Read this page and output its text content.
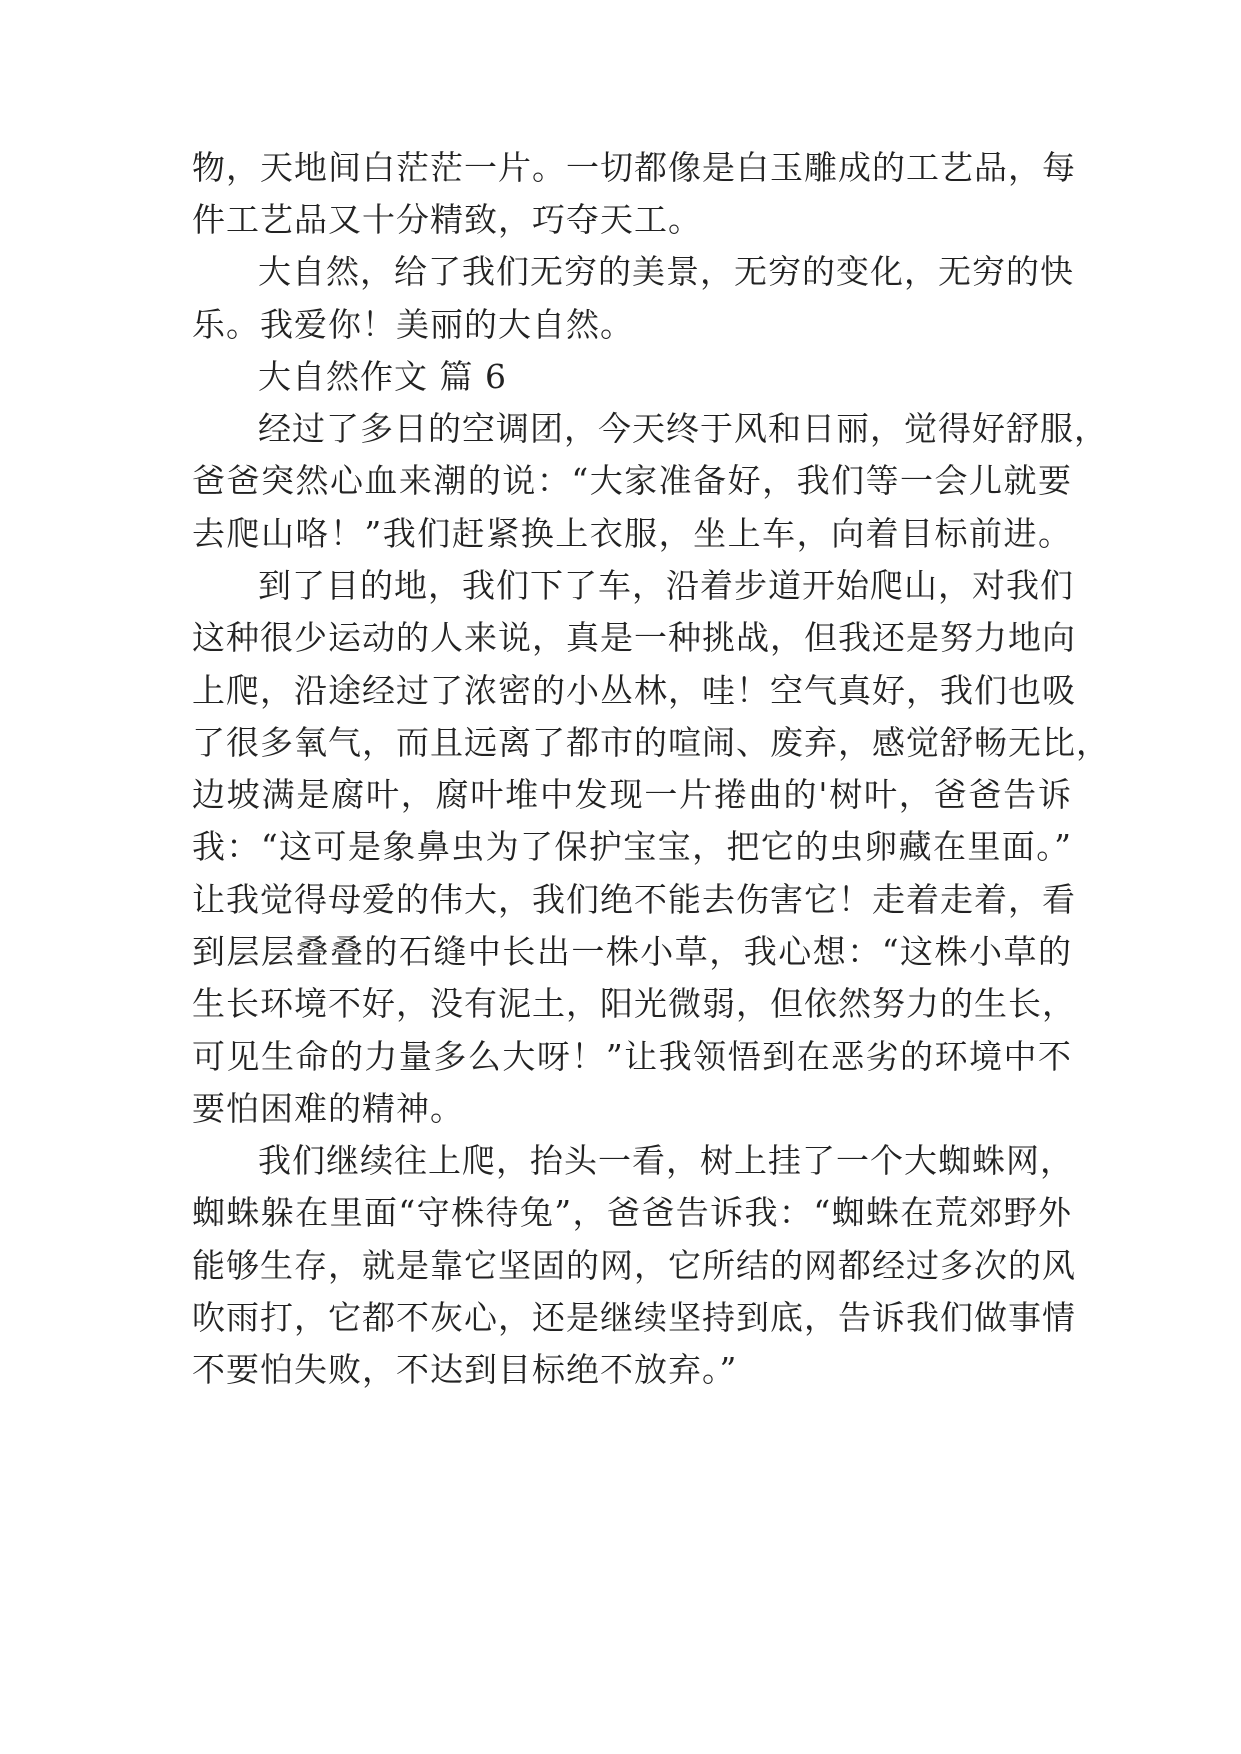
物，天地间白茫茫一片。一切都像是白玉雕成的工艺品，每
件工艺品又十分精致，巧夺天工。
大自然，给了我们无穷的美景，无穷的变化，无穷的快
乐。我爱你！美丽的大自然。
大自然作文 篇 6
经过了多日的空调团，今天终于风和日丽，觉得好舒服，
爸爸突然心血来潮的说：“大家准备好，我们等一会儿就要
去爬山咯！”我们赶紧换上衣服，坐上车，向着目标前进。
到了目的地，我们下了车，沿着步道开始爬山，对我们
这种很少运动的人来说，真是一种挑战，但我还是努力地向
上爬，沿途经过了浓密的小丛林，哇！空气真好，我们也吸
了很多氧气，而且远离了都市的喧闹、废弃，感觉舒畅无比，
边坡满是腐叶，腐叶堆中发现一片捲曲的'树叶，爸爸告诉
我：“这可是象鼻虫为了保护宝宝，把它的虫卵藏在里面。”
让我觉得母爱的伟大，我们绝不能去伤害它！走着走着，看
到层层叠叠的石缝中长出一株小草，我心想：“这株小草的
生长环境不好，没有泥土，阳光微弱，但依然努力的生长，
可见生命的力量多么大呀！”让我领悟到在恶劣的环境中不
要怕困难的精神。
我们继续往上爬，抬头一看，树上挂了一个大蜘蛛网，
蜘蛛躲在里面“守株待兔”，爸爸告诉我：“蜘蛛在荒郊野外
能够生存，就是靠它坚固的网，它所结的网都经过多次的风
吹雨打，它都不灰心，还是继续坚持到底，告诉我们做事情
不要怕失败，不达到目标绝不放弃。”
